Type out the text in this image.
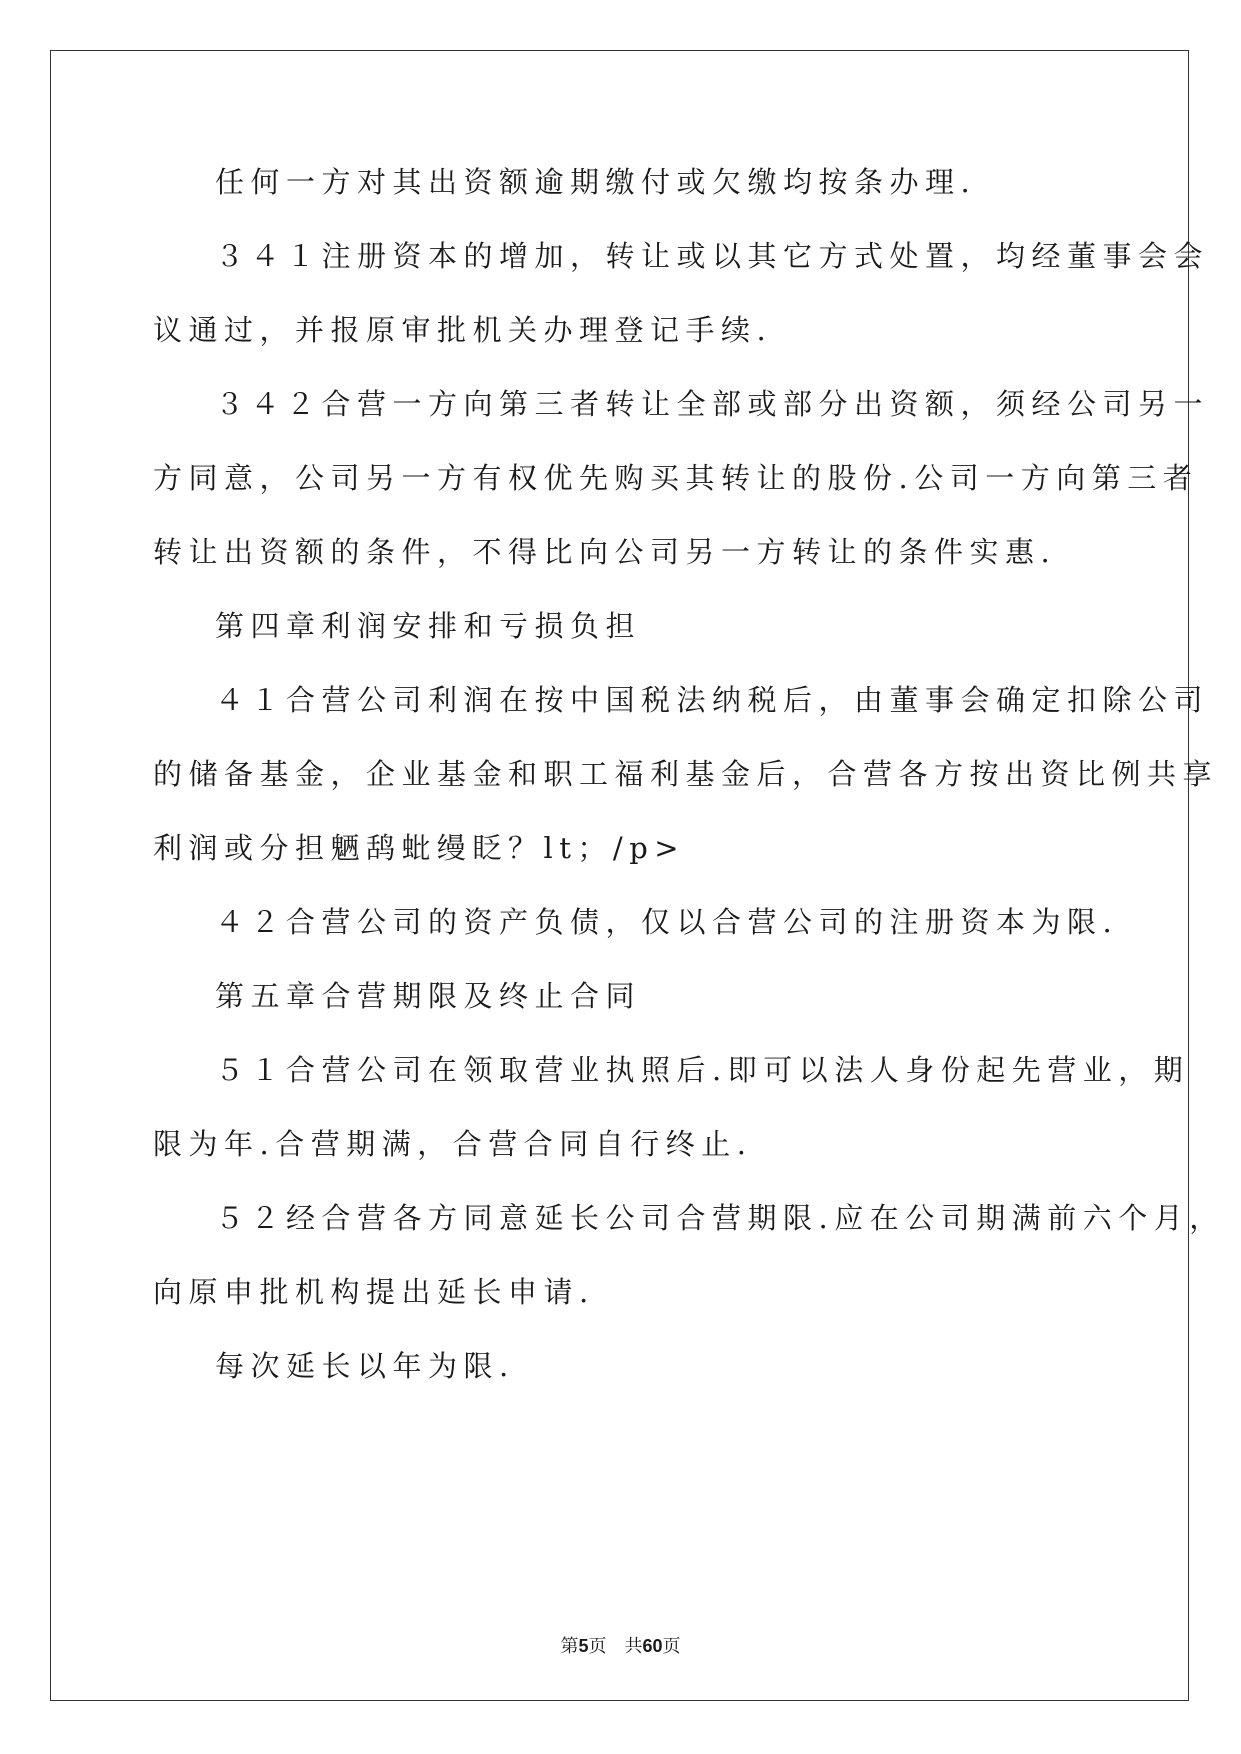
任何一方对其出资额逾期缴付或欠缴均按条办理.
３４１注册资本的增加，转让或以其它方式处置，均经董事会会
议通过，并报原审批机关办理登记手续.
３４２合营一方向第三者转让全部或部分出资额，须经公司另一
方同意，公司另一方有权优先购买其转让的股份.公司一方向第三者
转让出资额的条件，不得比向公司另一方转让的条件实惠.
第四章利润安排和亏损负担
４１合营公司利润在按中国税法纳税后，由董事会确定扣除公司
的储备基金，企业基金和职工福利基金后，合营各方按出资比例共享
利润或分担魉鸹蚍缦眨？lt；/p>
４２合营公司的资产负债，仅以合营公司的注册资本为限.
第五章合营期限及终止合同
５１合营公司在领取营业执照后.即可以法人身份起先营业，期
限为年.合营期满，合营合同自行终止.
５２经合营各方同意延长公司合营期限.应在公司期满前六个月，
向原申批机构提出延长申请.
每次延长以年为限.
第5页 共60页
